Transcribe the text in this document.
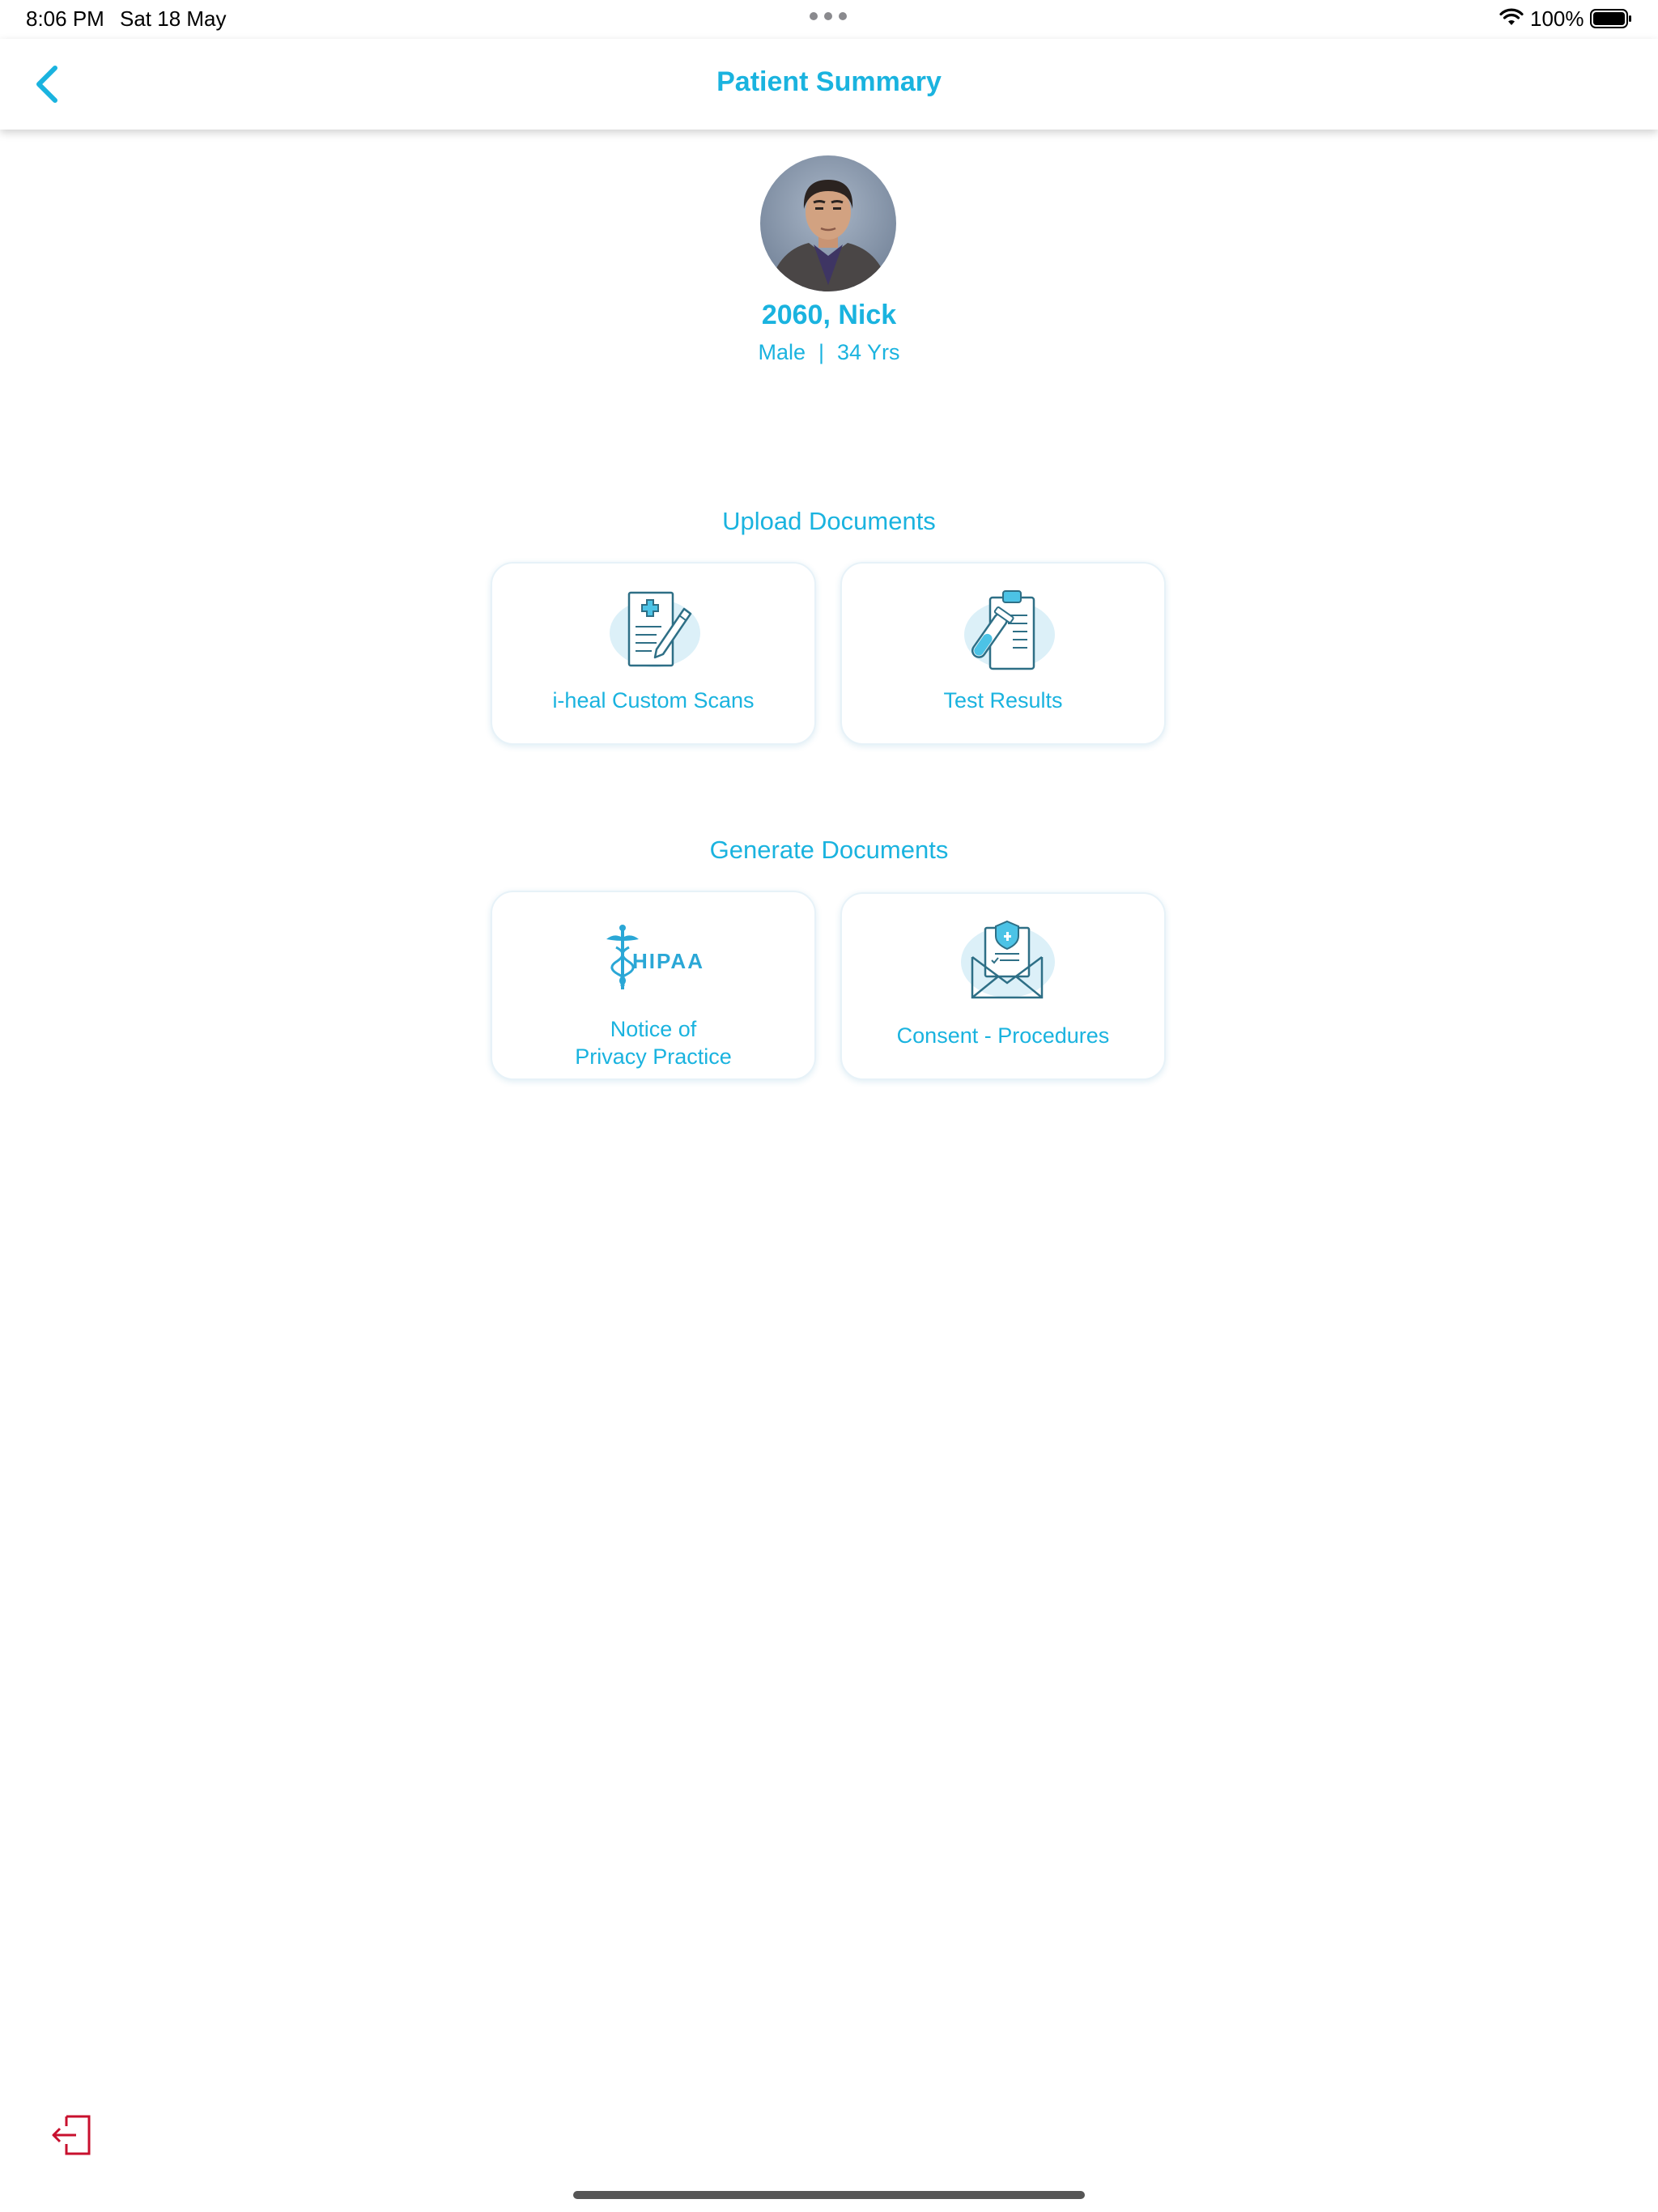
8:06 PM Sat 18 May	100%
Patient Summary
2060, Nick
Male | 34 Yrs
Upload Documents
i-heal Custom Scans	Test Results
Generate Documents
HIPAA
Notice of
Privacy Practice
Consent - Procedures
